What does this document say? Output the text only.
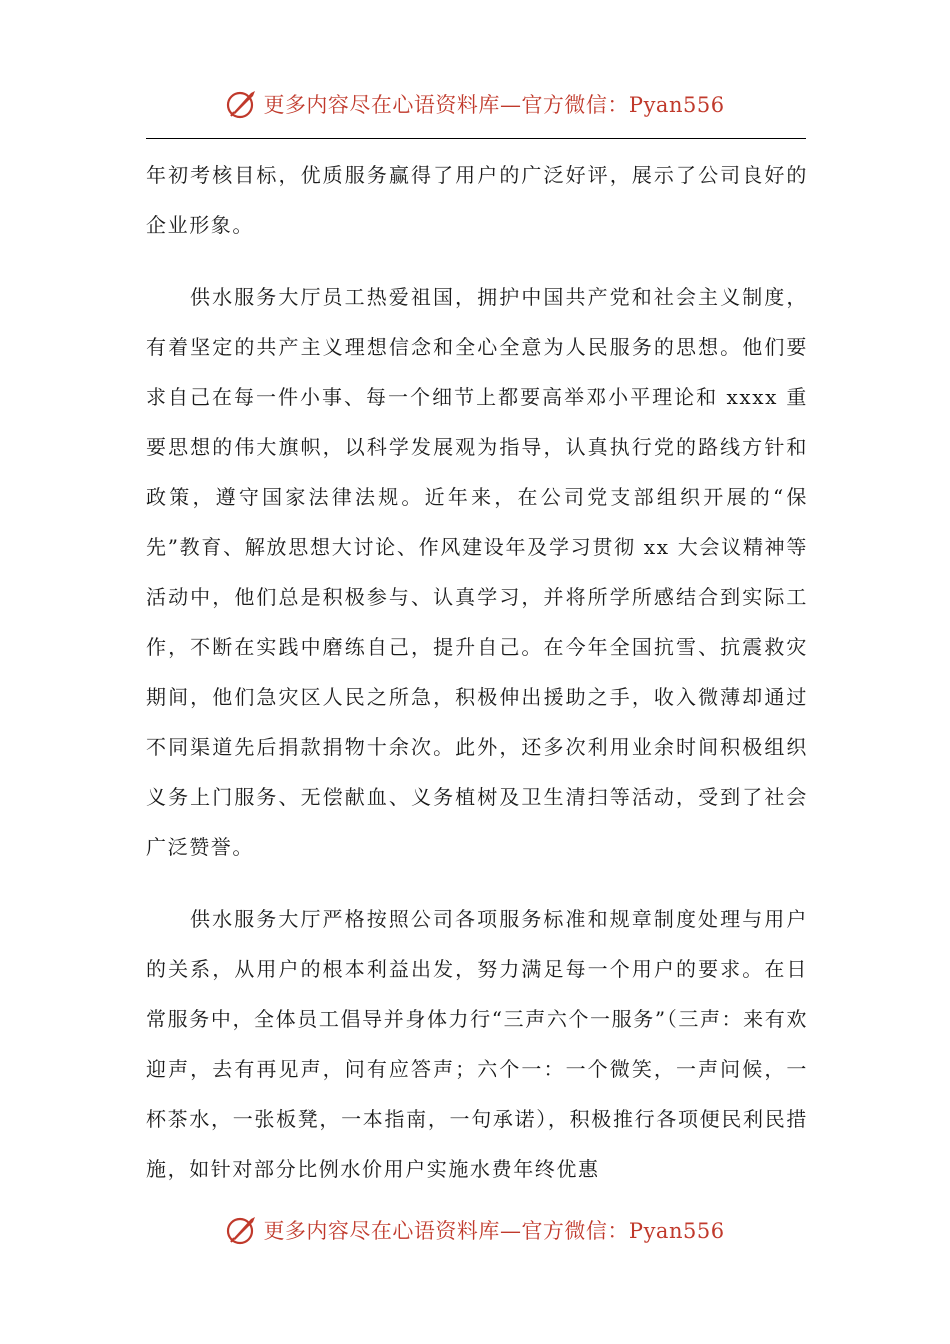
更多内容尽在心语资料库—官方微信：Pyan556

年初考核目标，优质服务赢得了用户的广泛好评，展示了公司良好的企业形象。

供水服务大厅员工热爱祖国，拥护中国共产党和社会主义制度，有着坚定的共产主义理想信念和全心全意为人民服务的思想。他们要求自己在每一件小事、每一个细节上都要高举邓小平理论和 xxxx 重要思想的伟大旗帜，以科学发展观为指导，认真执行党的路线方针和政策，遵守国家法律法规。近年来，在公司党支部组织开展的“保先”教育、解放思想大讨论、作风建设年及学习贯彻 xx 大会议精神等活动中，他们总是积极参与、认真学习，并将所学所感结合到实际工作，不断在实践中磨练自己，提升自己。在今年全国抗雪、抗震救灾期间，他们急灾区人民之所急，积极伸出援助之手，收入微薄却通过不同渠道先后捐款捐物十余次。此外，还多次利用业余时间积极组织义务上门服务、无偿献血、义务植树及卫生清扫等活动，受到了社会广泛赞誉。

供水服务大厅严格按照公司各项服务标准和规章制度处理与用户的关系，从用户的根本利益出发，努力满足每一个用户的要求。在日常服务中，全体员工倡导并身体力行“三声六个一服务”（三声：来有欢迎声，去有再见声，问有应答声；六个一：一个微笑，一声问候，一杯茶水，一张板凳，一本指南，一句承诺），积极推行各项便民利民措施，如针对部分比例水价用户实施水费年终优惠

更多内容尽在心语资料库—官方微信：Pyan556
